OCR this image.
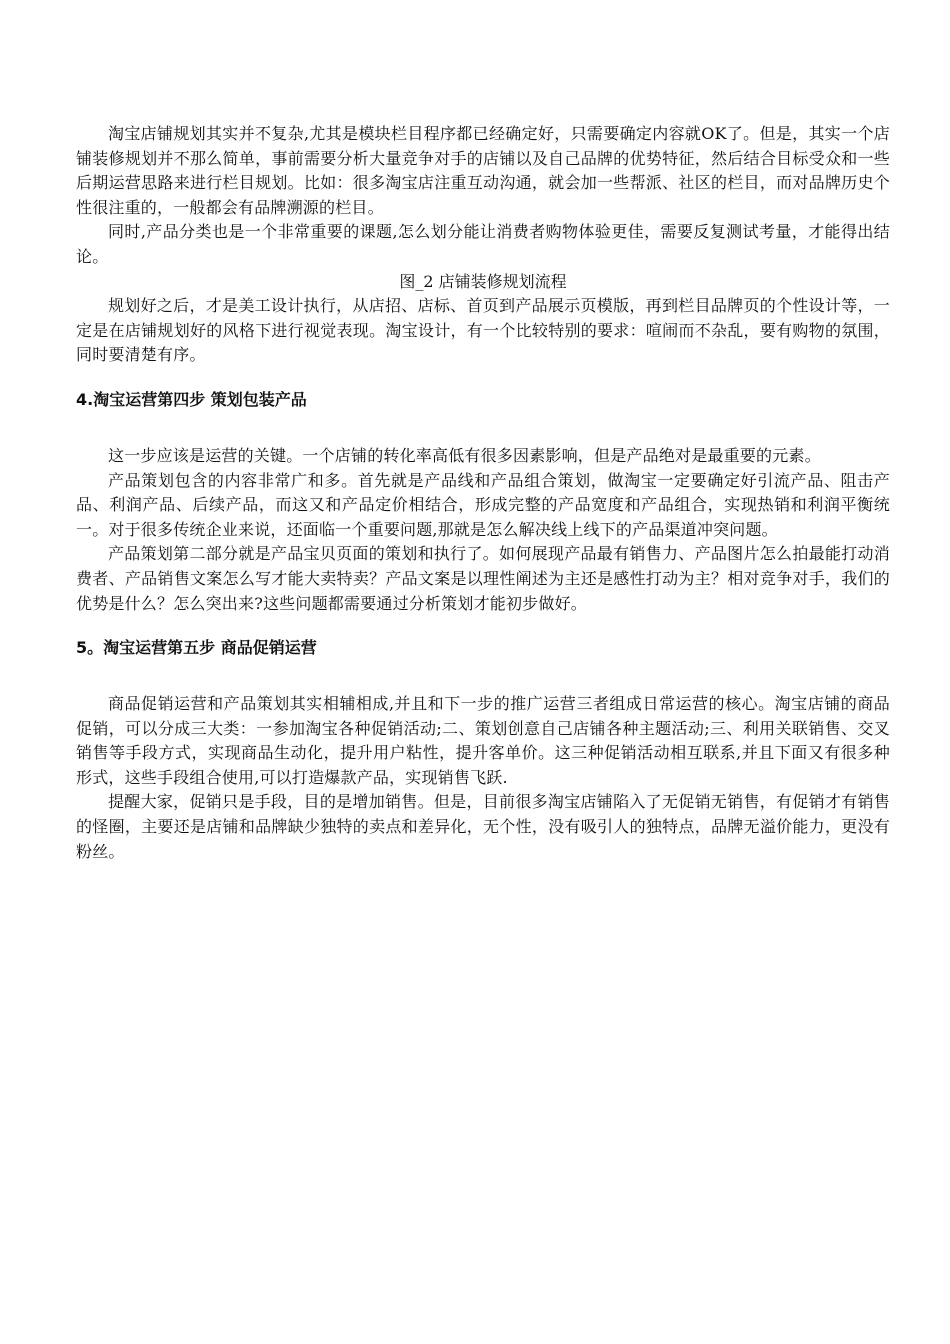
淘宝店铺规划其实并不复杂,尤其是模块栏目程序都已经确定好，只需要确定内容就OK了。但是，其实一个店铺装修规划并不那么简单，事前需要分析大量竞争对手的店铺以及自己品牌的优势特征，然后结合目标受众和一些后期运营思路来进行栏目规划。比如：很多淘宝店注重互动沟通，就会加一些帮派、社区的栏目，而对品牌历史个性很注重的，一般都会有品牌溯源的栏目。

同时,产品分类也是一个非常重要的课题,怎么划分能让消费者购物体验更佳，需要反复测试考量，才能得出结论。

图_2 店铺装修规划流程

规划好之后，才是美工设计执行，从店招、店标、首页到产品展示页模版，再到栏目品牌页的个性设计等，一定是在店铺规划好的风格下进行视觉表现。淘宝设计，有一个比较特别的要求：喧闹而不杂乱，要有购物的氛围，同时要清楚有序。

4.淘宝运营第四步 策划包装产品

这一步应该是运营的关键。一个店铺的转化率高低有很多因素影响，但是产品绝对是最重要的元素。

产品策划包含的内容非常广和多。首先就是产品线和产品组合策划，做淘宝一定要确定好引流产品、阻击产品、利润产品、后续产品，而这又和产品定价相结合，形成完整的产品宽度和产品组合，实现热销和利润平衡统一。对于很多传统企业来说，还面临一个重要问题,那就是怎么解决线上线下的产品渠道冲突问题。

产品策划第二部分就是产品宝贝页面的策划和执行了。如何展现产品最有销售力、产品图片怎么拍最能打动消费者、产品销售文案怎么写才能大卖特卖？产品文案是以理性阐述为主还是感性打动为主？相对竞争对手，我们的优势是什么？怎么突出来?这些问题都需要通过分析策划才能初步做好。

5。淘宝运营第五步 商品促销运营

商品促销运营和产品策划其实相辅相成,并且和下一步的推广运营三者组成日常运营的核心。淘宝店铺的商品促销，可以分成三大类：一参加淘宝各种促销活动;二、策划创意自己店铺各种主题活动;三、利用关联销售、交叉销售等手段方式，实现商品生动化，提升用户粘性，提升客单价。这三种促销活动相互联系,并且下面又有很多种形式，这些手段组合使用,可以打造爆款产品，实现销售飞跃.

提醒大家，促销只是手段，目的是增加销售。但是，目前很多淘宝店铺陷入了无促销无销售，有促销才有销售的怪圈，主要还是店铺和品牌缺少独特的卖点和差异化，无个性，没有吸引人的独特点，品牌无溢价能力，更没有粉丝。
